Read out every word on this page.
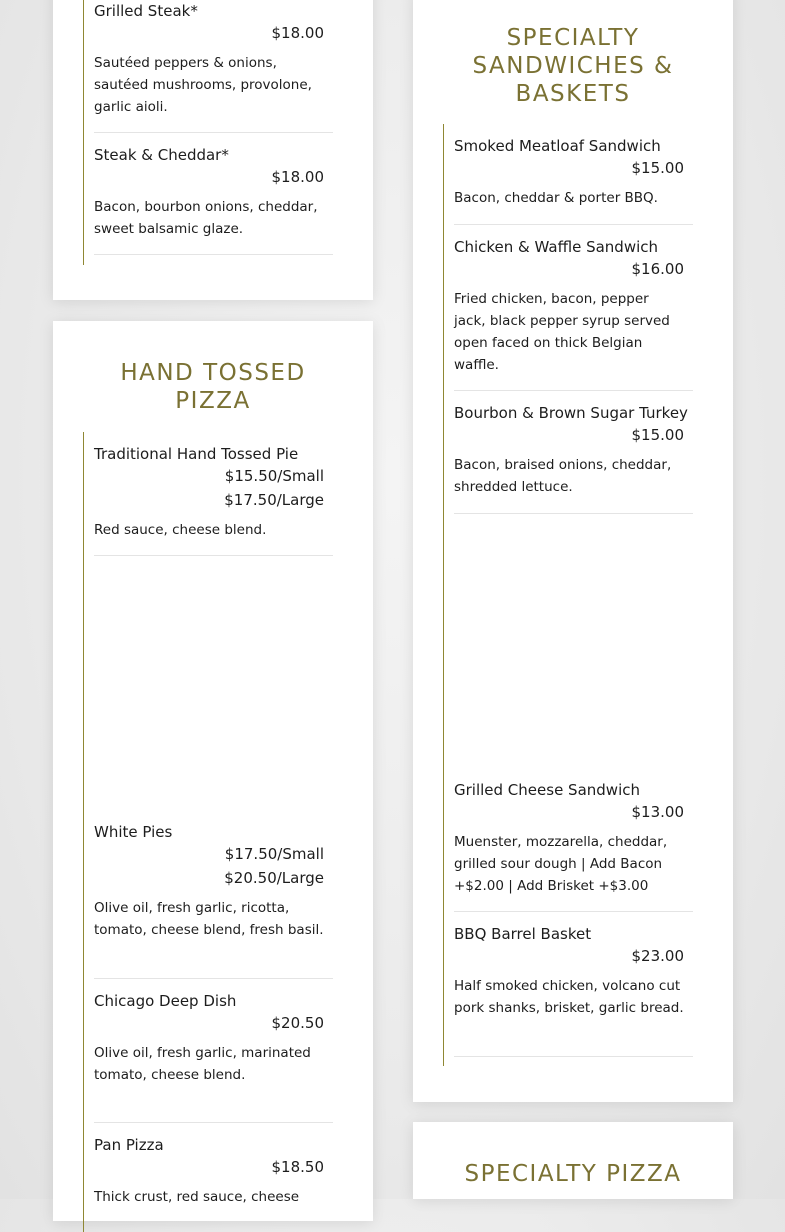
Grilled Steak*
$18.00
Sautéed peppers & onions, sautéed mushrooms, provolone, garlic aioli.
Steak & Cheddar*
$18.00
Bacon, bourbon onions, cheddar, sweet balsamic glaze.
HAND TOSSED
PIZZA
Traditional Hand Tossed Pie
$15.50/Small
$17.50/Large
Red sauce, cheese blend.
White Pies
$17.50/Small
$20.50/Large
Olive oil, fresh garlic, ricotta, tomato, cheese blend, fresh basil.
Chicago Deep Dish
$20.50
Olive oil, fresh garlic, marinated tomato, cheese blend.
Pan Pizza
$18.50
Thick crust, red sauce, cheese
SPECIALTY
SANDWICHES &
BASKETS
Smoked Meatloaf Sandwich
$15.00
Bacon, cheddar & porter BBQ.
Chicken & Waffle Sandwich
$16.00
Fried chicken, bacon, pepper jack, black pepper syrup served open faced on thick Belgian waffle.
Bourbon & Brown Sugar Turkey
$15.00
Bacon, braised onions, cheddar, shredded lettuce.
Grilled Cheese Sandwich
$13.00
Muenster, mozzarella, cheddar, grilled sour dough | Add Bacon +$2.00 | Add Brisket +$3.00
BBQ Barrel Basket
$23.00
Half smoked chicken, volcano cut pork shanks, brisket, garlic bread.
SPECIALTY PIZZA
